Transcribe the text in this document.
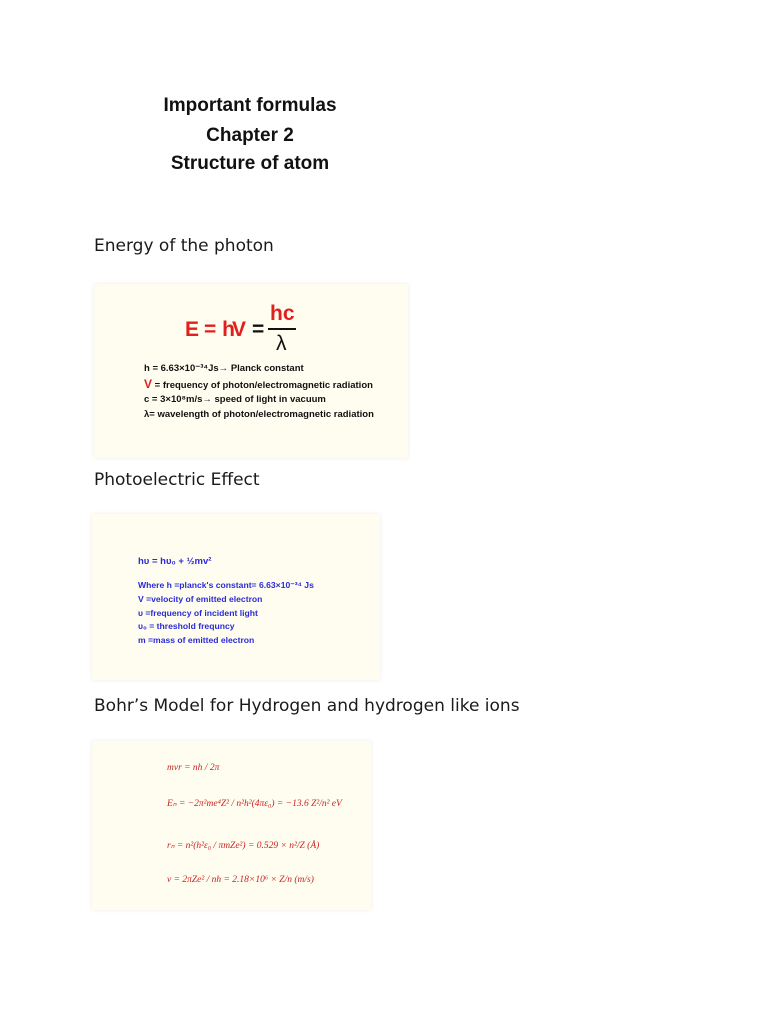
Important formulas
Chapter 2
Structure of atom
Energy of the photon
E = h
V =
hc
λ
h = 6.63×10⁻³⁴Js→ Planck constant
V = frequency of photon/electromagnetic radiation
c = 3×10⁸m/s→ speed of light in vacuum
λ= wavelength of photon/electromagnetic radiation
Photoelectric Effect
hυ = hυ₀ + ½mv²
Where h =planck's constant= 6.63×10⁻³⁴ Js
V =velocity of emitted electron
υ =frequency of incident light
υ₀ = threshold frequncy
m =mass of emitted electron
Bohr’s Model for Hydrogen and hydrogen like ions
mvr = nh / 2π
Eₙ = −2π²me⁴Z² / n²h²(4πε₀) = −13.6 Z²/n² eV
rₙ = n²(h²ε₀ / πmZe²) = 0.529 × n²/Z (Å)
v = 2πZe² / nh = 2.18×10⁶ × Z/n (m/s)
